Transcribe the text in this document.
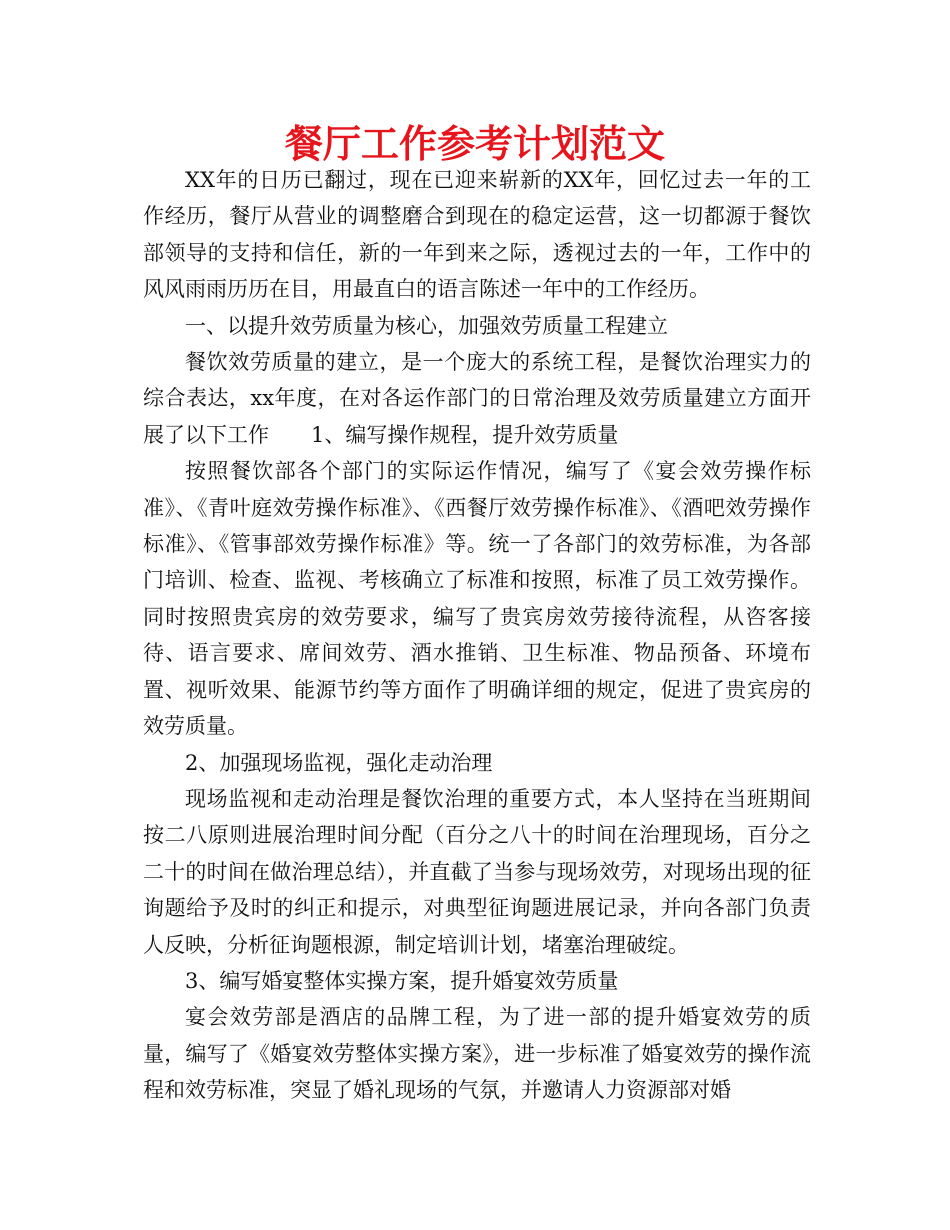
餐厅工作参考计划范文

XX年的日历已翻过，现在已迎来崭新的XX年，回忆过去一年的工作经历，餐厅从营业的调整磨合到现在的稳定运营，这一切都源于餐饮部领导的支持和信任，新的一年到来之际，透视过去的一年，工作中的风风雨雨历历在目，用最直白的语言陈述一年中的工作经历。

一、以提升效劳质量为核心，加强效劳质量工程建立

餐饮效劳质量的建立，是一个庞大的系统工程，是餐饮治理实力的综合表达，xx年度，在对各运作部门的日常治理及效劳质量建立方面开展了以下工作　　1、编写操作规程，提升效劳质量

按照餐饮部各个部门的实际运作情况，编写了《宴会效劳操作标准》、《青叶庭效劳操作标准》、《西餐厅效劳操作标准》、《酒吧效劳操作标准》、《管事部效劳操作标准》等。统一了各部门的效劳标准，为各部门培训、检查、监视、考核确立了标准和按照，标准了员工效劳操作。同时按照贵宾房的效劳要求，编写了贵宾房效劳接待流程，从咨客接待、语言要求、席间效劳、酒水推销、卫生标准、物品预备、环境布置、视听效果、能源节约等方面作了明确详细的规定，促进了贵宾房的效劳质量。

2、加强现场监视，强化走动治理

现场监视和走动治理是餐饮治理的重要方式，本人坚持在当班期间按二八原则进展治理时间分配（百分之八十的时间在治理现场，百分之二十的时间在做治理总结），并直截了当参与现场效劳，对现场出现的征询题给予及时的纠正和提示，对典型征询题进展记录，并向各部门负责人反映，分析征询题根源，制定培训计划，堵塞治理破绽。

3、编写婚宴整体实操方案，提升婚宴效劳质量

宴会效劳部是酒店的品牌工程，为了进一部的提升婚宴效劳的质量，编写了《婚宴效劳整体实操方案》，进一步标准了婚宴效劳的操作流程和效劳标准，突显了婚礼现场的气氛，并邀请人力资源部对婚
